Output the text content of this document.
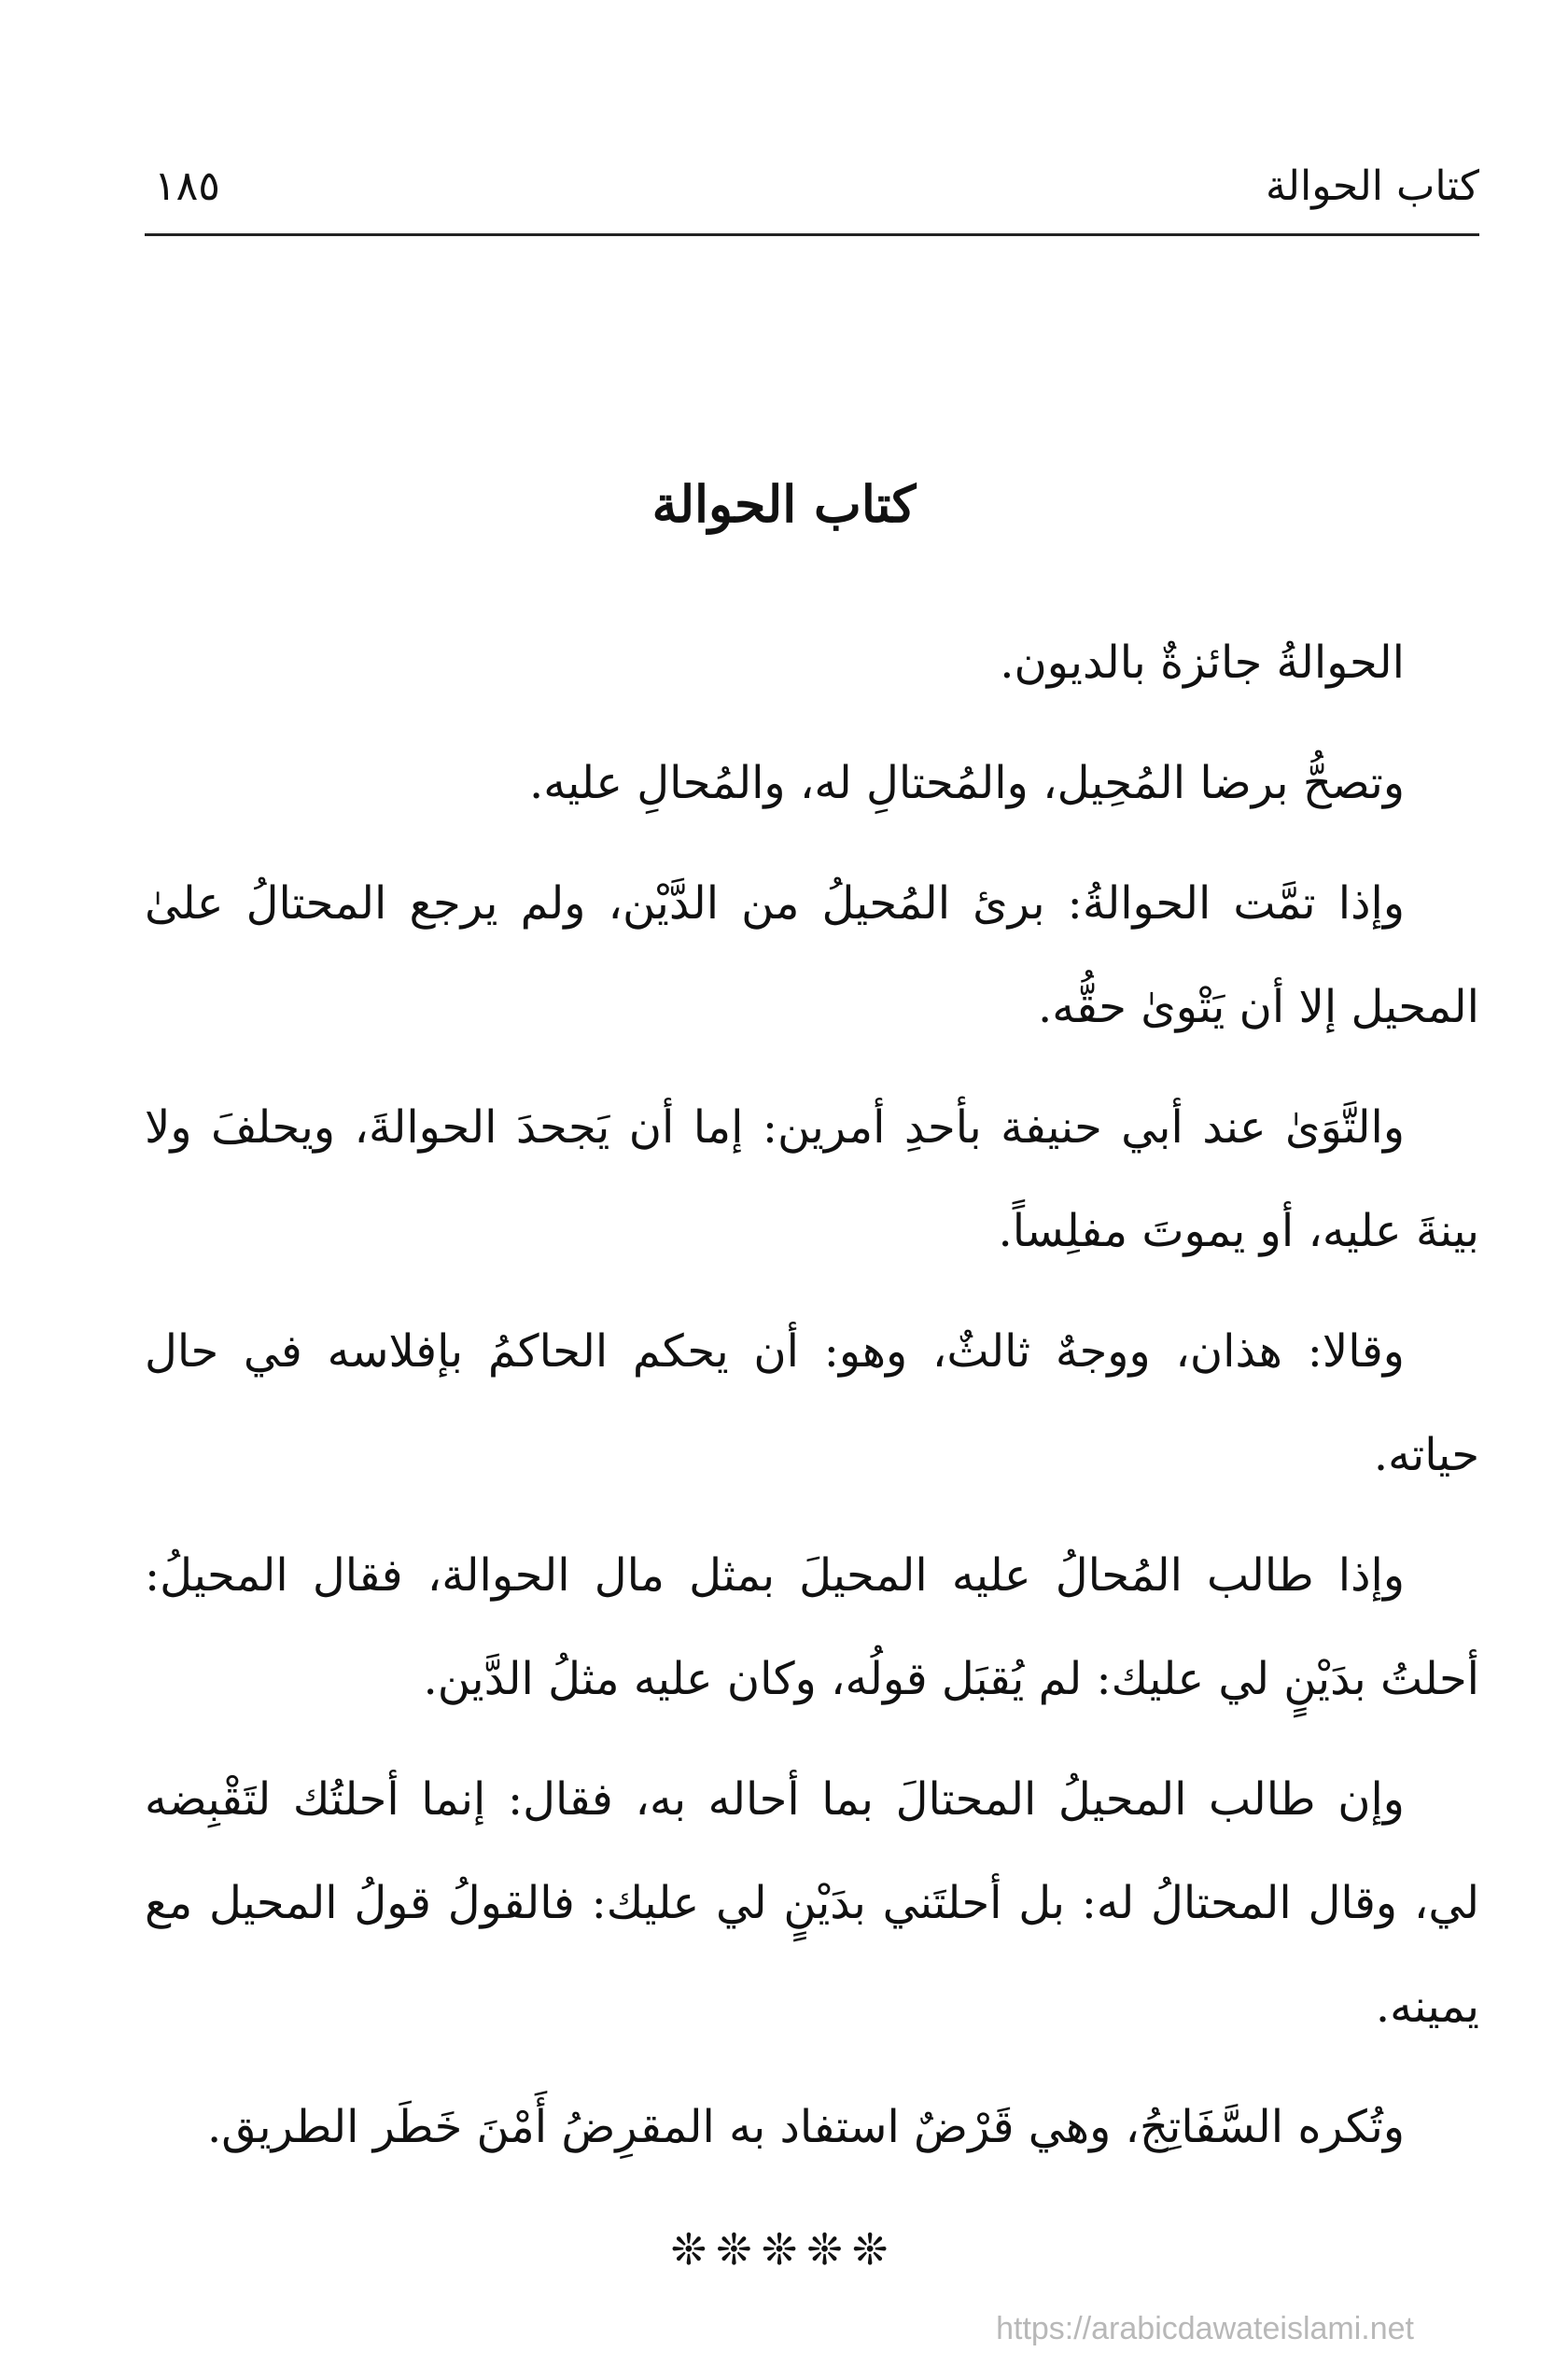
كتاب الحوالة
١٨٥
كتاب الحوالة

الحوالةُ جائزةٌ بالديون.

وتصحُّ برضا المُحِيل، والمُحتالِ له، والمُحالِ عليه.

وإذا تمَّت الحوالةُ: برئ المُحيلُ من الدَّيْن، ولم يرجع المحتالُ علىٰ المحيل إلا أن يَتْوىٰ حقُّه.

والتَّوَىٰ عند أبي حنيفة بأحدِ أمرين: إما أن يَجحدَ الحوالةَ، ويحلفَ ولا بينةَ عليه، أو يموتَ مفلِساً.

وقالا: هذان، ووجهٌ ثالثٌ، وهو: أن يحكم الحاكمُ بإفلاسه في حال حياته.

وإذا طالب المُحالُ عليه المحيلَ بمثل مال الحوالة، فقال المحيلُ: أحلتُ بدَيْنٍ لي عليك: لم يُقبَل قولُه، وكان عليه مثلُ الدَّين.

وإن طالب المحيلُ المحتالَ بما أحاله به، فقال: إنما أحلتُك لتَقْبِضه لي، وقال المحتالُ له: بل أحلتَني بدَيْنٍ لي عليك: فالقولُ قولُ المحيل مع يمينه.

وتُكره السَّفَاتِجُ، وهي قَرْضٌ استفاد به المقرِضُ أَمْنَ خَطَر الطريق.

❊❊❊❊❊
https://arabicdawateislami.net
